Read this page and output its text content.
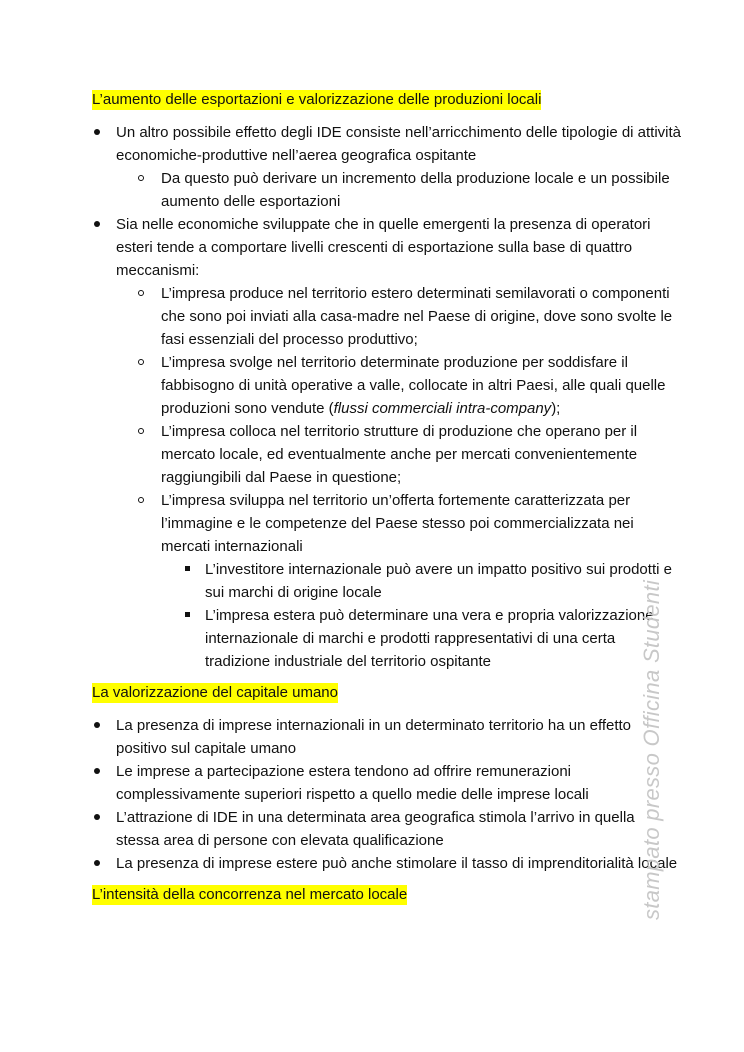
L’aumento delle esportazioni e valorizzazione delle produzioni locali

Un altro possibile effetto degli IDE consiste nell’arricchimento delle tipologie di attività economiche-produttive nell’aerea geografica ospitante
Da questo può derivare un incremento della produzione locale e un possibile aumento delle esportazioni
Sia nelle economiche sviluppate che in quelle emergenti la presenza di operatori esteri tende a comportare livelli crescenti di esportazione sulla base di quattro meccanismi:
L’impresa produce nel territorio estero determinati semilavorati o componenti che sono poi inviati alla casa-madre nel Paese di origine, dove sono svolte le fasi essenziali del processo produttivo;
L’impresa svolge nel territorio determinate produzione per soddisfare il fabbisogno di unità operative a valle, collocate in altri Paesi, alle quali quelle produzioni sono vendute (flussi commerciali intra-company);
L’impresa colloca nel territorio strutture di produzione che operano per il mercato locale, ed eventualmente anche per mercati convenientemente raggiungibili dal Paese in questione;
L’impresa sviluppa nel territorio un’offerta fortemente caratterizzata per l’immagine e le competenze del Paese stesso poi commercializzata nei mercati internazionali
L’investitore internazionale può avere un impatto positivo sui prodotti e sui marchi di origine locale
L’impresa estera può determinare una vera e propria valorizzazione internazionale di marchi e prodotti rappresentativi di una certa tradizione industriale del territorio ospitante

La valorizzazione del capitale umano

La presenza di imprese internazionali in un determinato territorio ha un effetto positivo sul capitale umano
Le imprese a partecipazione estera tendono ad offrire remunerazioni complessivamente superiori rispetto a quello medie delle imprese locali
L’attrazione di IDE in una determinata area geografica stimola l’arrivo in quella stessa area di persone con elevata qualificazione
La presenza di imprese estere può anche stimolare il tasso di imprenditorialità locale

L’intensità della concorrenza nel mercato locale	stampato presso Officina Studenti
